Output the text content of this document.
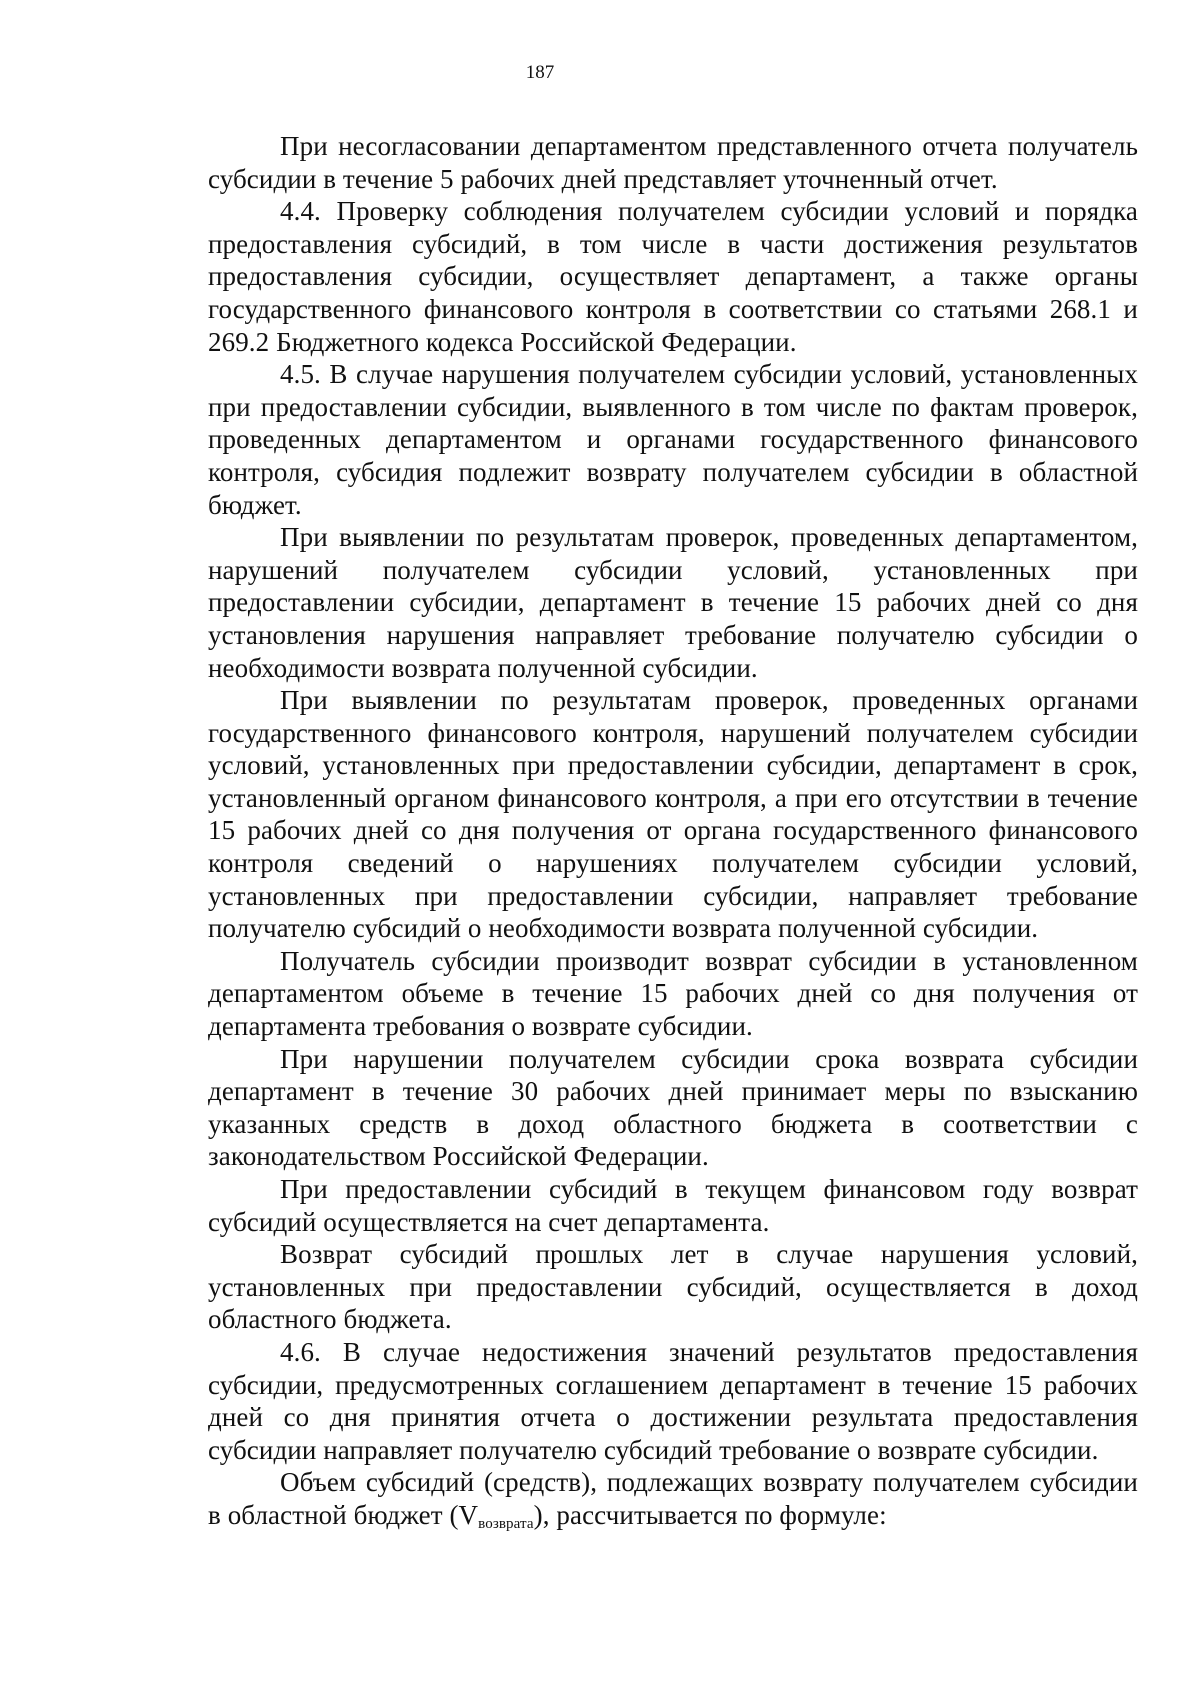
187

При несогласовании департаментом представленного отчета получатель субсидии в течение 5 рабочих дней представляет уточненный отчет.

4.4. Проверку соблюдения получателем субсидии условий и порядка предоставления субсидий, в том числе в части достижения результатов предоставления субсидии, осуществляет департамент, а также органы государственного финансового контроля в соответствии со статьями 268.1 и 269.2 Бюджетного кодекса Российской Федерации.

4.5. В случае нарушения получателем субсидии условий, установленных при предоставлении субсидии, выявленного в том числе по фактам проверок, проведенных департаментом и органами государственного финансового контроля, субсидия подлежит возврату получателем субсидии в областной бюджет.

При выявлении по результатам проверок, проведенных департаментом, нарушений получателем субсидии условий, установленных при предоставлении субсидии, департамент в течение 15 рабочих дней со дня установления нарушения направляет требование получателю субсидии о необходимости возврата полученной субсидии.

При выявлении по результатам проверок, проведенных органами государственного финансового контроля, нарушений получателем субсидии условий, установленных при предоставлении субсидии, департамент в срок, установленный органом финансового контроля, а при его отсутствии в течение 15 рабочих дней со дня получения от органа государственного финансового контроля сведений о нарушениях получателем субсидии условий, установленных при предоставлении субсидии, направляет требование получателю субсидий о необходимости возврата полученной субсидии.

Получатель субсидии производит возврат субсидии в установленном департаментом объеме в течение 15 рабочих дней со дня получения от департамента требования о возврате субсидии.

При нарушении получателем субсидии срока возврата субсидии департамент в течение 30 рабочих дней принимает меры по взысканию указанных средств в доход областного бюджета в соответствии с законодательством Российской Федерации.

При предоставлении субсидий в текущем финансовом году возврат субсидий осуществляется на счет департамента.

Возврат субсидий прошлых лет в случае нарушения условий, установленных при предоставлении субсидий, осуществляется в доход областного бюджета.

4.6. В случае недостижения значений результатов предоставления субсидии, предусмотренных соглашением департамент в течение 15 рабочих дней со дня принятия отчета о достижении результата предоставления субсидии направляет получателю субсидий требование о возврате субсидии.

Объем субсидий (средств), подлежащих возврату получателем субсидии в областной бюджет $(V_{возврата})$, рассчитывается по формуле:
